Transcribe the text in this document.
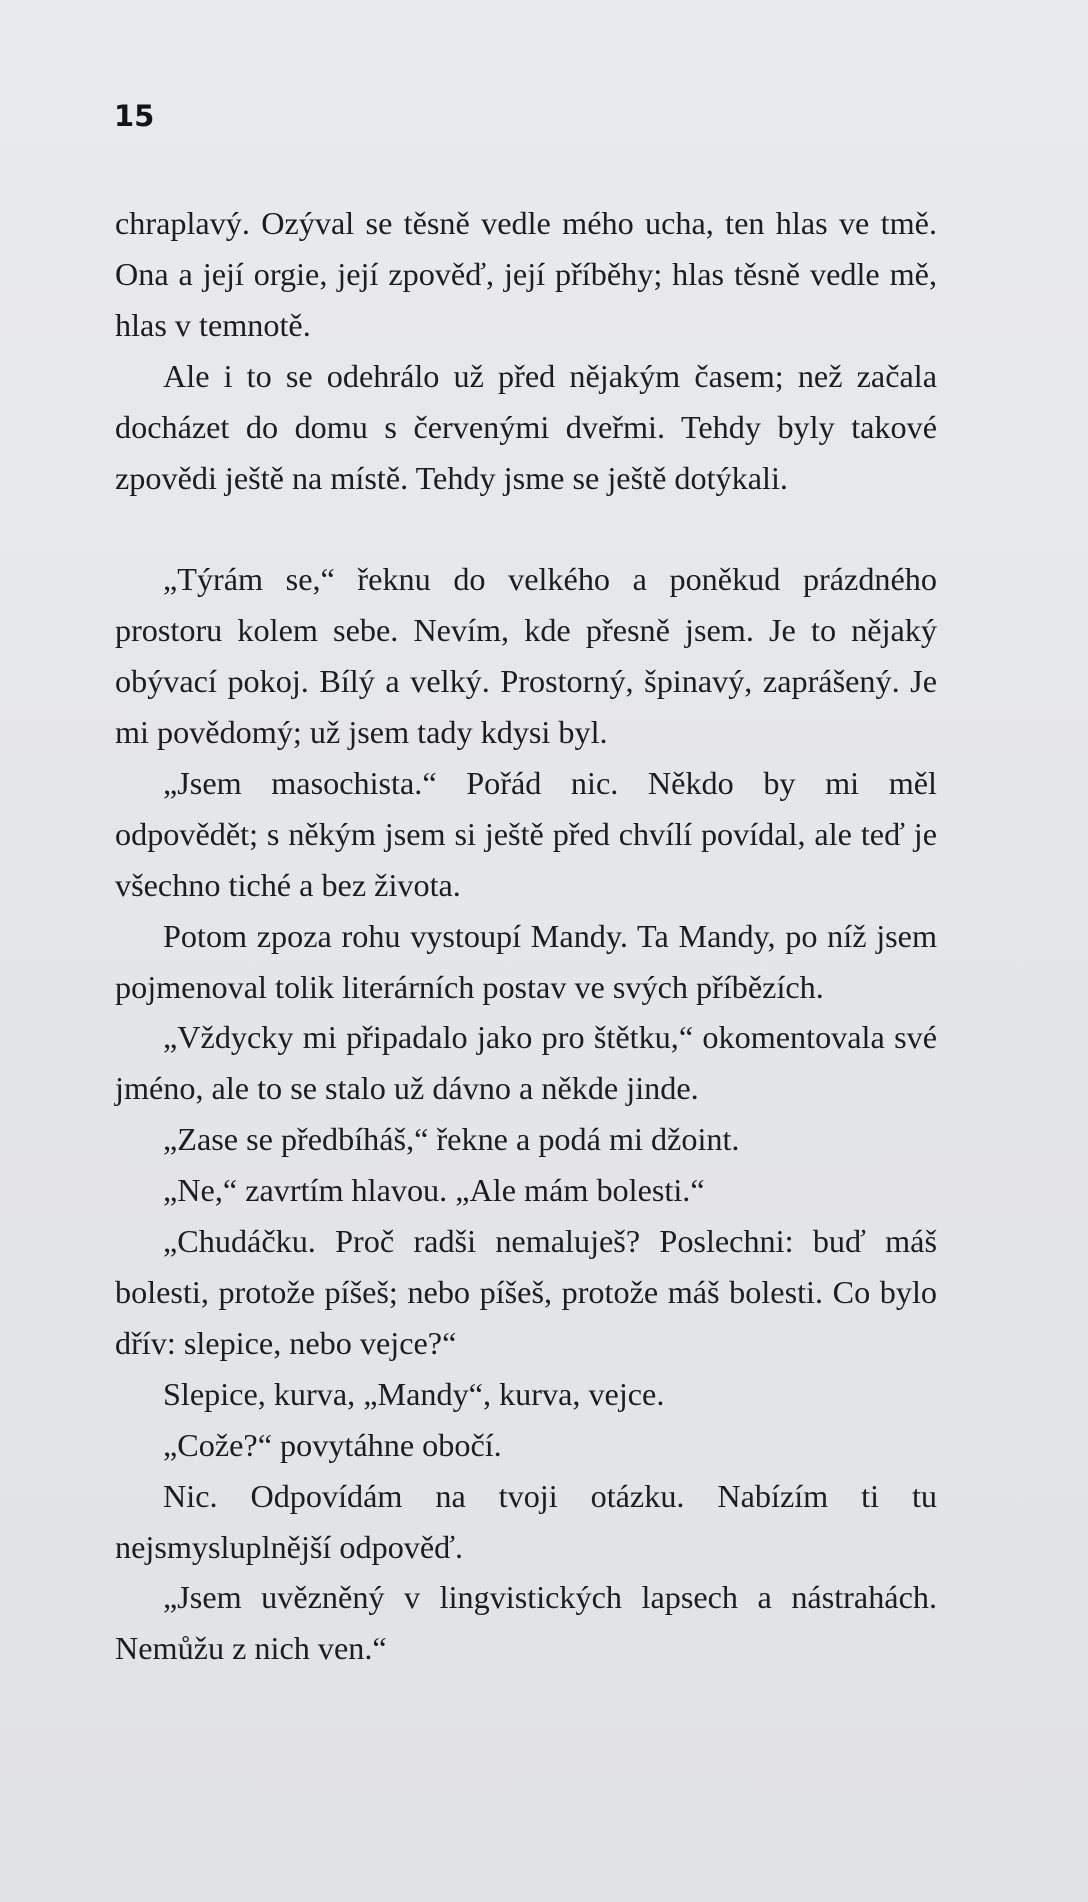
15

chraplavý. Ozýval se těsně vedle mého ucha, ten hlas ve tmě. Ona a její orgie, její zpověď, její příběhy; hlas těsně vedle mě, hlas v temnotě.

Ale i to se odehrálo už před nějakým časem; než začala docházet do domu s červenými dveřmi. Tehdy byly takové zpovědi ještě na místě. Tehdy jsme se ještě dotýkali.

„Týrám se,“ řeknu do velkého a poněkud prázdného prostoru kolem sebe. Nevím, kde přesně jsem. Je to nějaký obývací pokoj. Bílý a velký. Prostorný, špinavý, zaprášený. Je mi povědomý; už jsem tady kdysi byl.

„Jsem masochista.“ Pořád nic. Někdo by mi měl odpovědět; s někým jsem si ještě před chvílí povídal, ale teď je všechno tiché a bez života.

Potom zpoza rohu vystoupí Mandy. Ta Mandy, po níž jsem pojmenoval tolik literárních postav ve svých příbězích.

„Vždycky mi připadalo jako pro štětku,“ okomentovala své jméno, ale to se stalo už dávno a někde jinde.

„Zase se předbíháš,“ řekne a podá mi džoint.

„Ne,“ zavrtím hlavou. „Ale mám bolesti.“

„Chudáčku. Proč radši nemaluješ? Poslechni: buď máš bolesti, protože píšeš; nebo píšeš, protože máš bolesti. Co bylo dřív: slepice, nebo vejce?“

Slepice, kurva, „Mandy“, kurva, vejce.

„Cože?“ povytáhne obočí.

Nic. Odpovídám na tvoji otázku. Nabízím ti tu nejsmysluplnější odpověď.

„Jsem uvězněný v lingvistických lapsech a nástrahách. Nemůžu z nich ven.“
